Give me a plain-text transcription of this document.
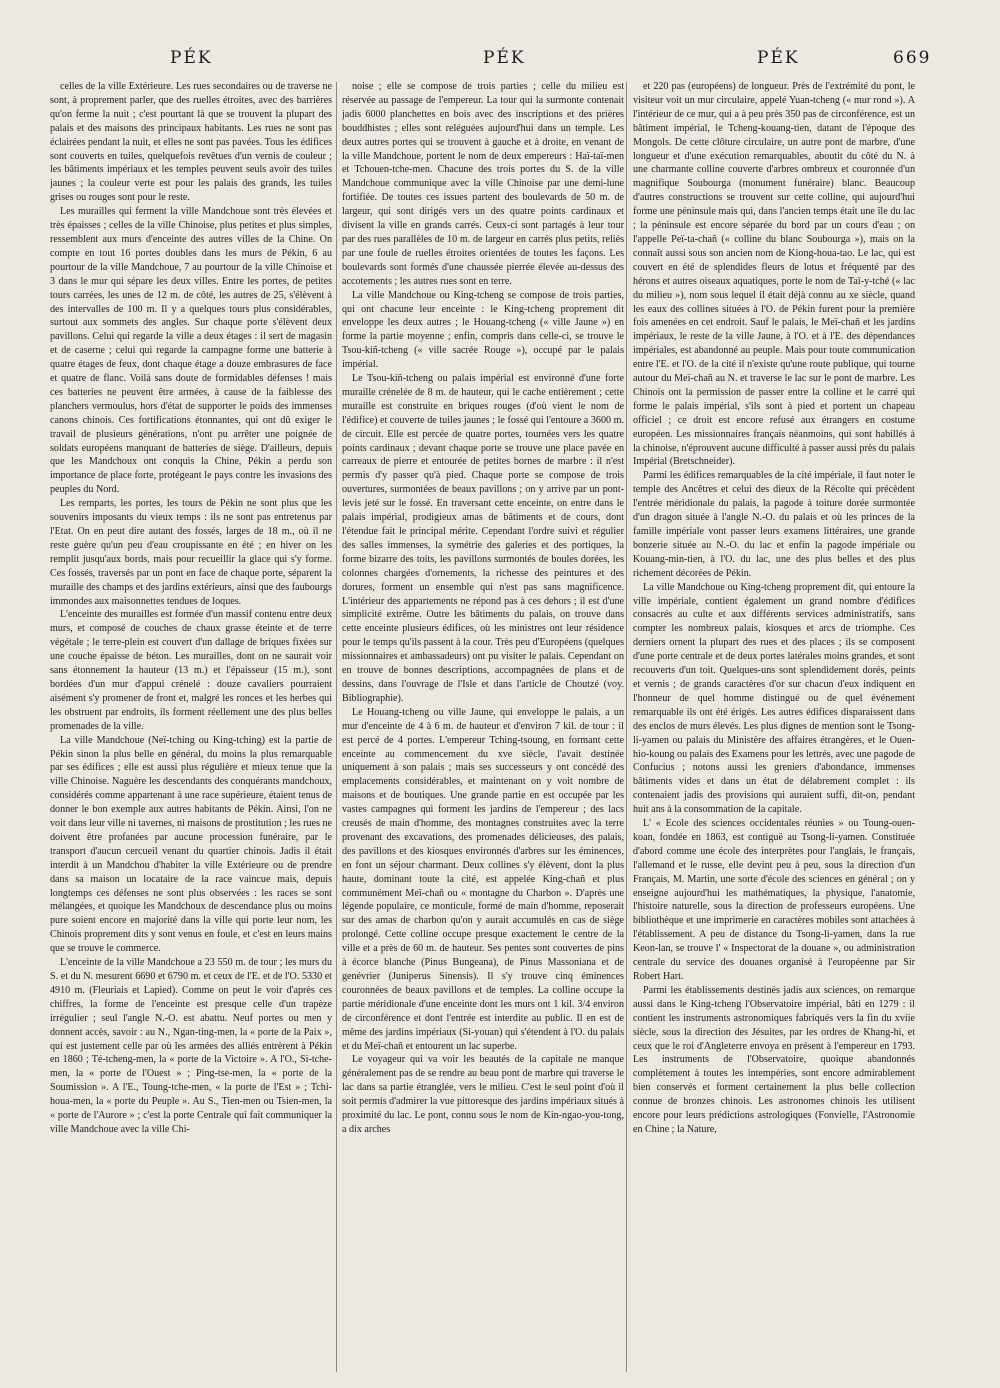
PÉK	PÉK	PÉK	669

celles de la ville Extérieure. Les rues secondaires ou de traverse ne sont, à proprement parler, que des ruelles étroites, avec des barrières qu'on ferme la nuit ; c'est pourtant là que se trouvent la plupart des palais et des maisons des principaux habitants. Les rues ne sont pas éclairées pendant la nuit, et elles ne sont pas pavées. Tous les édifices sont couverts en tuiles, quelquefois revêtues d'un vernis de couleur ; les bâtiments impériaux et les temples peuvent seuls avoir des tuiles jaunes ; la couleur verte est pour les palais des grands, les tuiles grises ou rouges sont pour le reste.

Les murailles qui ferment la ville Mandchoue sont très élevées et très épaisses ; celles de la ville Chinoise, plus petites et plus simples, ressemblent aux murs d'enceinte des autres villes de la Chine. On compte en tout 16 portes doubles dans les murs de Pékin, 6 au pourtour de la ville Mandchoue, 7 au pourtour de la ville Chinoise et 3 dans le mur qui sépare les deux villes. Entre les portes, de petites tours carrées, les unes de 12 m. de côté, les autres de 25, s'élèvent à des intervalles de 100 m. Il y a quelques tours plus considérables, surtout aux sommets des angles. Sur chaque porte s'élèvent deux pavillons. Celui qui regarde la ville a deux étages : il sert de magasin et de caserne ; celui qui regarde la campagne forme une batterie à quatre étages de feux, dont chaque étage a douze embrasures de face et quatre de flanc. Voilà sans doute de formidables défenses ! mais ces batteries ne peuvent être armées, à cause de la faiblesse des planchers vermoulus, hors d'état de supporter le poids des immenses canons chinois. Ces fortifications étonnantes, qui ont dû exiger le travail de plusieurs générations, n'ont pu arrêter une poignée de soldats européens manquant de batteries de siège. D'ailleurs, depuis que les Mandchoux ont conquis la Chine, Pékin a perdu son importance de place forte, protégeant le pays contre les invasions des peuples du Nord.

Les remparts, les portes, les tours de Pékin ne sont plus que les souvenirs imposants du vieux temps : ils ne sont pas entretenus par l'Etat. On en peut dire autant des fossés, larges de 18 m., où il ne reste guère qu'un peu d'eau croupissante en été ; en hiver on les remplit jusqu'aux bords, mais pour recueillir la glace qui s'y forme. Ces fossés, traversés par un pont en face de chaque porte, séparent la muraille des champs et des jardins extérieurs, ainsi que des faubourgs immondes aux maisonnettes tendues de loques.

L'enceinte des murailles est formée d'un massif contenu entre deux murs, et composé de couches de chaux grasse éteinte et de terre végétale ; le terre-plein est couvert d'un dallage de briques fixées sur une couche épaisse de béton. Les murailles, dont on ne saurait voir sans étonnement la hauteur (13 m.) et l'épaisseur (15 m.), sont bordées d'un mur d'appui crénelé : douze cavaliers pourraient aisément s'y promener de front et, malgré les ronces et les herbes qui les obstruent par endroits, ils forment réellement une des plus belles promenades de la ville.

La ville Mandchoue (Neï-tching ou King-tching) est la partie de Pékin sinon la plus belle en général, du moins la plus remarquable par ses édifices ; elle est aussi plus régulière et mieux tenue que la ville Chinoise. Naguère les descendants des conquérants mandchoux, considérés comme appartenant à une race supérieure, étaient tenus de donner le bon exemple aux autres habitants de Pékin. Ainsi, l'on ne voit dans leur ville ni tavernes, ni maisons de prostitution ; les rues ne doivent être profanées par aucune procession funéraire, par le transport d'aucun cercueil venant du quartier chinois. Jadis il était interdit à un Mandchou d'habiter la ville Extérieure ou de prendre dans sa maison un locataire de la race vaincue mais, depuis longtemps ces défenses ne sont plus observées : les races se sont mélangées, et quoique les Mandchoux de descendance plus ou moins pure soient encore en majorité dans la ville qui porte leur nom, les Chinois proprement dits y sont venus en foule, et c'est en leurs mains que se trouve le commerce.

L'enceinte de la ville Mandchoue a 23 550 m. de tour ; les murs du S. et du N. mesurent 6690 et 6790 m. et ceux de l'E. et de l'O. 5330 et 4910 m. (Fleuriais et Lapied). Comme on peut le voir d'après ces chiffres, la forme de l'enceinte est presque celle d'un trapèze irrégulier ; seul l'angle N.-O. est abattu. Neuf portes ou men y donnent accès, savoir : au N., Ngan-ting-men, la « porte de la Paix », qui est justement celle par où les armées des alliés entrèrent à Pékin en 1860 ; Té-tcheng-men, la « porte de la Victoire ». A l'O., Si-tche-men, la « porte de l'Ouest » ; Ping-tse-men, la « porte de la Soumission ». A l'E., Toung-tche-men, « la porte de l'Est » ; Tchi-houa-men, la « porte du Peuple ». Au S., Tien-men ou Tsien-men, la « porte de l'Aurore » ; c'est la porte Centrale qui fait communiquer la ville Mandchoue avec la ville Chi-

noise ; elle se compose de trois parties ; celle du milieu est réservée au passage de l'empereur. La tour qui la surmonte contenait jadis 6000 planchettes en bois avec des inscriptions et des prières bouddhistes ; elles sont reléguées aujourd'hui dans un temple. Les deux autres portes qui se trouvent à gauche et à droite, en venant de la ville Mandchoue, portent le nom de deux empereurs : Haï-taï-men et Tchouen-tche-men. Chacune des trois portes du S. de la ville Mandchoue communique avec la ville Chinoise par une demi-lune fortifiée. De toutes ces issues partent des boulevards de 50 m. de largeur, qui sont dirigés vers un des quatre points cardinaux et divisent la ville en grands carrés. Ceux-ci sont partagés à leur tour par des rues parallèles de 10 m. de largeur en carrés plus petits, reliés par une foule de ruelles étroites orientées de toutes les façons. Les boulevards sont formés d'une chaussée pierrée élevée au-dessus des accotements ; les autres rues sont en terre.

La ville Mandchoue ou King-tcheng se compose de trois parties, qui ont chacune leur enceinte : le King-tcheng proprement dit enveloppe les deux autres ; le Houang-tcheng (« ville Jaune ») en forme la partie moyenne ; enfin, compris dans celle-ci, se trouve le Tsou-kiñ-tcheng (« ville sacrée Rouge »), occupé par le palais impérial.

Le Tsou-kiñ-tcheng ou palais impérial est environné d'une forte muraille crénelée de 8 m. de hauteur, qui le cache entièrement ; cette muraille est construite en briques rouges (d'où vient le nom de l'édifice) et couverte de tuiles jaunes ; le fossé qui l'entoure a 3600 m. de circuit. Elle est percée de quatre portes, tournées vers les quatre points cardinaux ; devant chaque porte se trouve une place pavée en carreaux de pierre et entourée de petites bornes de marbre : il n'est permis d'y passer qu'à pied. Chaque porte se compose de trois ouvertures, surmontées de beaux pavillons ; on y arrive par un pont-levis jeté sur le fossé. En traversant cette enceinte, on entre dans le palais impérial, prodigieux amas de bâtiments et de cours, dont l'étendue fait le principal mérite. Cependant l'ordre suivi et régulier des salles immenses, la symétrie des galeries et des portiques, la forme bizarre des toits, les pavillons surmontés de boules dorées, les colonnes chargées d'ornements, la richesse des peintures et des dorures, forment un ensemble qui n'est pas sans magnificence. L'intérieur des appartements ne répond pas à ces dehors ; il est d'une simplicité extrême. Outre les bâtiments du palais, on trouve dans cette enceinte plusieurs édifices, où les ministres ont leur résidence pour le temps qu'ils passent à la cour. Très peu d'Européens (quelques missionnaires et ambassadeurs) ont pu visiter le palais. Cependant on en trouve de bonnes descriptions, accompagnées de plans et de dessins, dans l'ouvrage de l'Isle et dans l'article de Choutzé (voy. Bibliographie).

Le Houang-tcheng ou ville Jaune, qui enveloppe le palais, a un mur d'enceinte de 4 à 6 m. de hauteur et d'environ 7 kil. de tour : il est percé de 4 portes. L'empereur Tching-tsoung, en formant cette enceinte au commencement du xve siècle, l'avait destinée uniquement à son palais ; mais ses successeurs y ont concédé des emplacements considérables, et maintenant on y voit nombre de maisons et de boutiques. Une grande partie en est occupée par les vastes campagnes qui forment les jardins de l'empereur ; des lacs creusés de main d'homme, des montagnes construites avec la terre provenant des excavations, des promenades délicieuses, des palais, des pavillons et des kiosques environnés d'arbres sur les éminences, en font un séjour charmant. Deux collines s'y élèvent, dont la plus haute, dominant toute la cité, est appelée King-chañ et plus communément Meï-chañ ou « montagne du Charbon ». D'après une légende populaire, ce monticule, formé de main d'homme, reposerait sur des amas de charbon qu'on y aurait accumulés en cas de siège prolongé. Cette colline occupe presque exactement le centre de la ville et a près de 60 m. de hauteur. Ses pentes sont couvertes de pins à écorce blanche (Pinus Bungeana), de Pinus Massoniana et de genévrier (Juniperus Sinensis). Il s'y trouve cinq éminences couronnées de beaux pavillons et de temples. La colline occupe la partie méridionale d'une enceinte dont les murs ont 1 kil. 3/4 environ de circonférence et dont l'entrée est interdite au public. Il en est de même des jardins impériaux (Si-youan) qui s'étendent à l'O. du palais et du Meï-chañ et entourent un lac superbe.

Le voyageur qui va voir les beautés de la capitale ne manque généralement pas de se rendre au beau pont de marbre qui traverse le lac dans sa partie étranglée, vers le milieu. C'est le seul point d'où il soit permis d'admirer la vue pittoresque des jardins impériaux situés à proximité du lac. Le pont, connu sous le nom de Kin-ngao-you-tong, a dix arches

et 220 pas (européens) de longueur. Près de l'extrémité du pont, le visiteur voit un mur circulaire, appelé Yuan-tcheng (« mur rond »). A l'intérieur de ce mur, qui a à peu près 350 pas de circonférence, est un bâtiment impérial, le Tcheng-kouang-tien, datant de l'époque des Mongols. De cette clôture circulaire, un autre pont de marbre, d'une longueur et d'une exécution remarquables, aboutit du côté du N. à une charmante colline couverte d'arbres ombreux et couronnée d'un magnifique Soubourga (monument funéraire) blanc. Beaucoup d'autres constructions se trouvent sur cette colline, qui aujourd'hui forme une péninsule mais qui, dans l'ancien temps était une île du lac ; la péninsule est encore séparée du bord par un cours d'eau ; on l'appelle Peï-ta-chañ (« colline du blanc Soubourga »), mais on la connaît aussi sous son ancien nom de Kiong-houa-tao. Le lac, qui est couvert en été de splendides fleurs de lotus et fréquenté par des hérons et autres oiseaux aquatiques, porte le nom de Taï-y-tché (« lac du milieu »), nom sous lequel il était déjà connu au xe siècle, quand les eaux des collines situées à l'O. de Pékin furent pour la première fois amenées en cet endroit. Sauf le palais, le Meï-chañ et les jardins impériaux, le reste de la ville Jaune, à l'O. et à l'E. des dépendances impériales, est abandonné au peuple. Mais pour toute communication entre l'E. et l'O. de la cité il n'existe qu'une route publique, qui tourne autour du Meï-chañ au N. et traverse le lac sur le pont de marbre. Les Chinois ont la permission de passer entre la colline et le carré qui forme le palais impérial, s'ils sont à pied et portent un chapeau officiel ; ce droit est encore refusé aux étrangers en costume européen. Les missionnaires français néanmoins, qui sont habillés à la chinoise, n'éprouvent aucune difficulté à passer aussi près du palais Impérial (Bretschneider).

Parmi les édifices remarquables de la cité impériale, il faut noter le temple des Ancêtres et celui des dieux de la Récolte qui précèdent l'entrée méridionale du palais, la pagode à toiture dorée surmontée d'un dragon située à l'angle N.-O. du palais et où les princes de la famille impériale vont passer leurs examens littéraires, une grande bonzerie située au N.-O. du lac et enfin la pagode impériale ou Kouang-min-tien, à l'O. du lac, une des plus belles et des plus richement décorées de Pékin.

La ville Mandchoue ou King-tcheng proprement dit, qui entoure la ville impériale, contient également un grand nombre d'édifices consacrés au culte et aux différents services administratifs, sans compter les nombreux palais, kiosques et arcs de triomphe. Ces derniers ornent la plupart des rues et des places ; ils se composent d'une porte centrale et de deux portes latérales moins grandes, et sont recouverts d'un toit. Quelques-uns sont splendidement dorés, peints et vernis ; de grands caractères d'or sur chacun d'eux indiquent en l'honneur de quel homme distingué ou de quel événement remarquable ils ont été érigés. Les autres édifices disparaissent dans des enclos de murs élevés. Les plus dignes de mention sont le Tsong-li-yamen ou palais du Ministère des affaires étrangères, et le Ouen-hio-koung ou palais des Examens pour les lettrés, avec une pagode de Confucius ; notons aussi les greniers d'abondance, immenses bâtiments vides et dans un état de délabrement complet : ils contenaient jadis des provisions qui auraient suffi, dit-on, pendant huit ans à la consommation de la capitale.

L' « Ecole des sciences occidentales réunies » ou Toung-ouen-koan, fondée en 1863, est contiguë au Tsong-li-yamen. Constituée d'abord comme une école des interprètes pour l'anglais, le français, l'allemand et le russe, elle devint peu à peu, sous la direction d'un Français, M. Martin, une sorte d'école des sciences en général ; on y enseigne aujourd'hui les mathématiques, la physique, l'anatomie, l'histoire naturelle, sous la direction de professeurs européens. Une bibliothèque et une imprimerie en caractères mobiles sont attachées à l'établissement. A peu de distance du Tsong-li-yamen, dans la rue Keon-lan, se trouve l' « Inspectorat de la douane », ou administration centrale du service des douanes organisé à l'européenne par Sir Robert Hart.

Parmi les établissements destinés jadis aux sciences, on remarque aussi dans le King-tcheng l'Observatoire impérial, bâti en 1279 : il contient les instruments astronomiques fabriqués vers la fin du xviie siècle, sous la direction des Jésuites, par les ordres de Khang-hi, et ceux que le roi d'Angleterre envoya en présent à l'empereur en 1793. Les instruments de l'Observatoire, quoique abandonnés complètement à toutes les intempéries, sont encore admirablement bien conservés et forment certainement la plus belle collection connue de bronzes chinois. Les astronomes chinois les utilisent encore pour leurs prédictions astrologiques (Fonvielle, l'Astronomie en Chine ; la Nature,
